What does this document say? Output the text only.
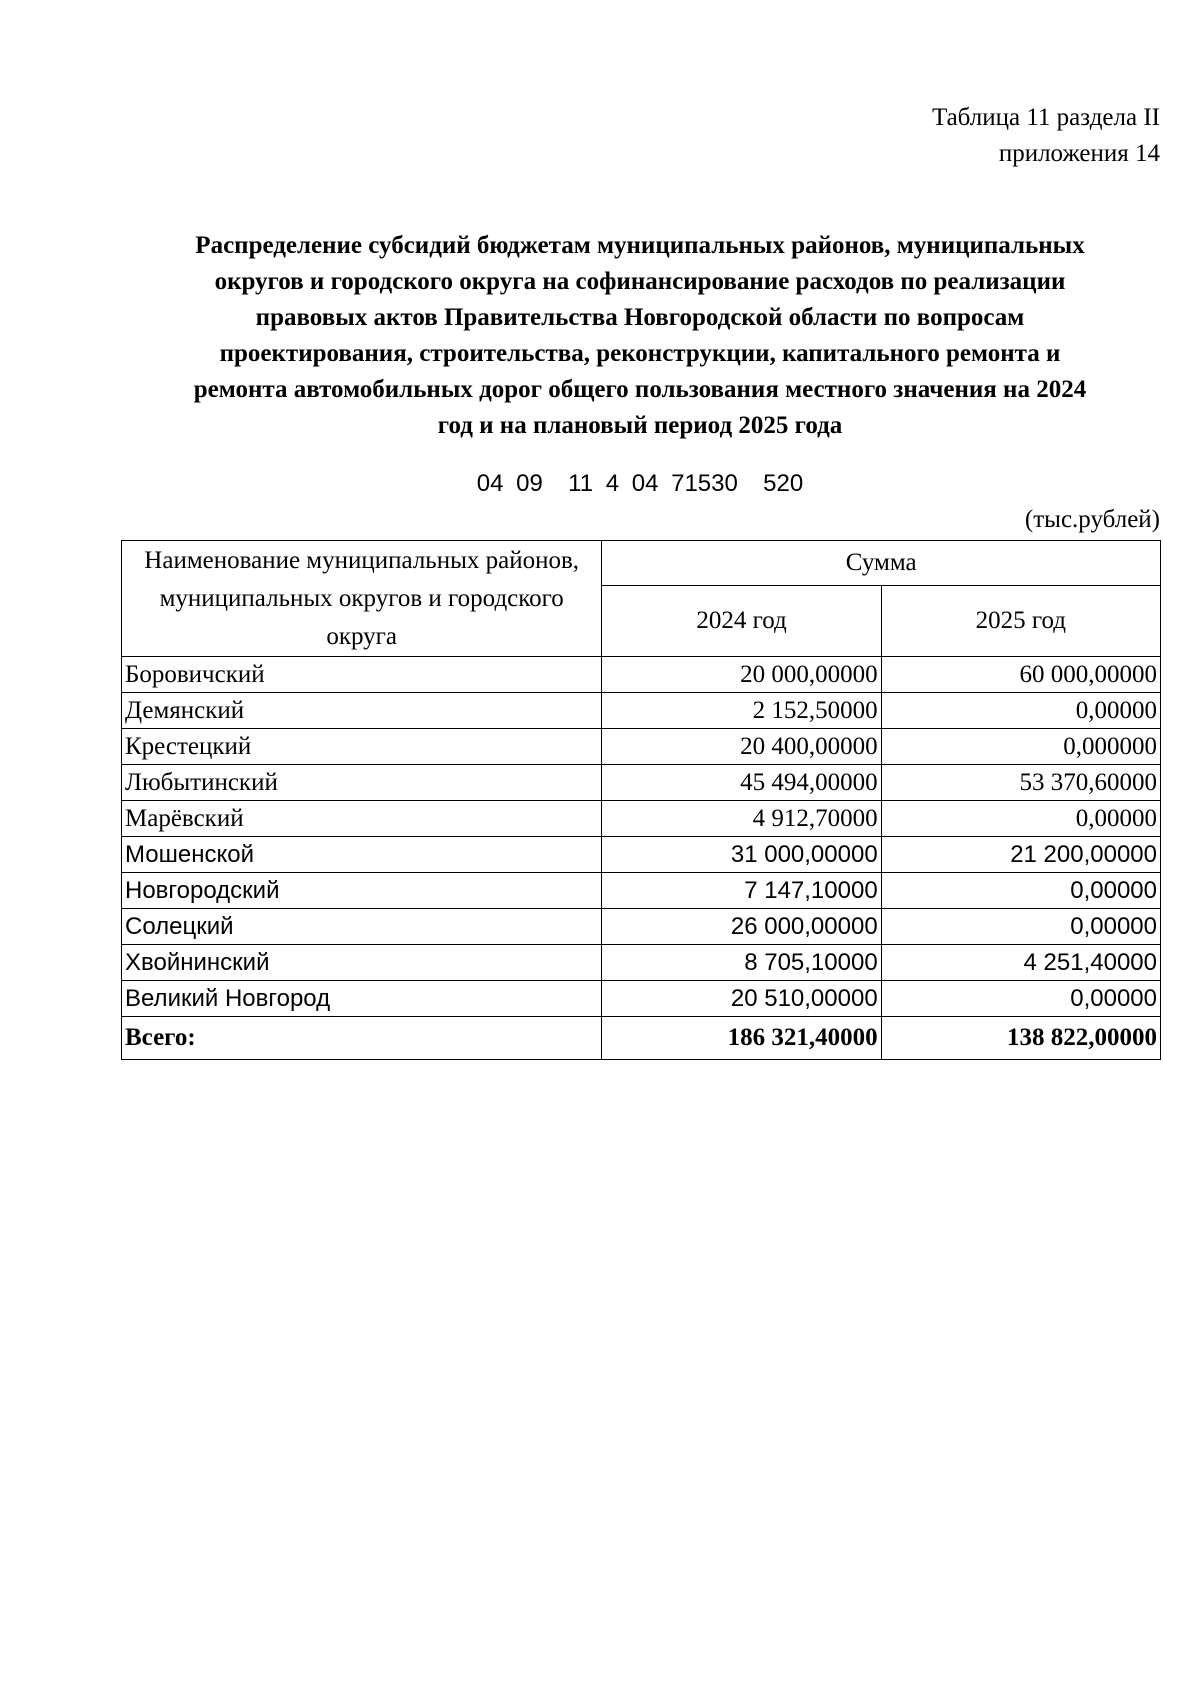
Таблица 11 раздела II
приложения 14
Распределение субсидий бюджетам муниципальных районов, муниципальных
округов и городского округа на софинансирование расходов по реализации
правовых актов Правительства Новгородской области по вопросам
проектирования, строительства, реконструкции, капитального ремонта и
ремонта автомобильных дорог общего пользования местного значения на 2024
год и на плановый период 2025 года
04 09  11 4 04 71530  520
(тыс.рублей)
Наименование муниципальных районов, муниципальных округов и городского округа	Сумма	
	2024 год	2025 год
Боровичский	20 000,00000	60 000,00000
Демянский	2 152,50000	0,00000
Крестецкий	20 400,00000	0,000000
Любытинский	45 494,00000	53 370,60000
Марёвский	4 912,70000	0,00000
Мошенской	31 000,00000	21 200,00000
Новгородский	7 147,10000	0,00000
Солецкий	26 000,00000	0,00000
Хвойнинский	8 705,10000	4 251,40000
Великий Новгород	20 510,00000	0,00000
Всего:	186 321,40000	138 822,00000
